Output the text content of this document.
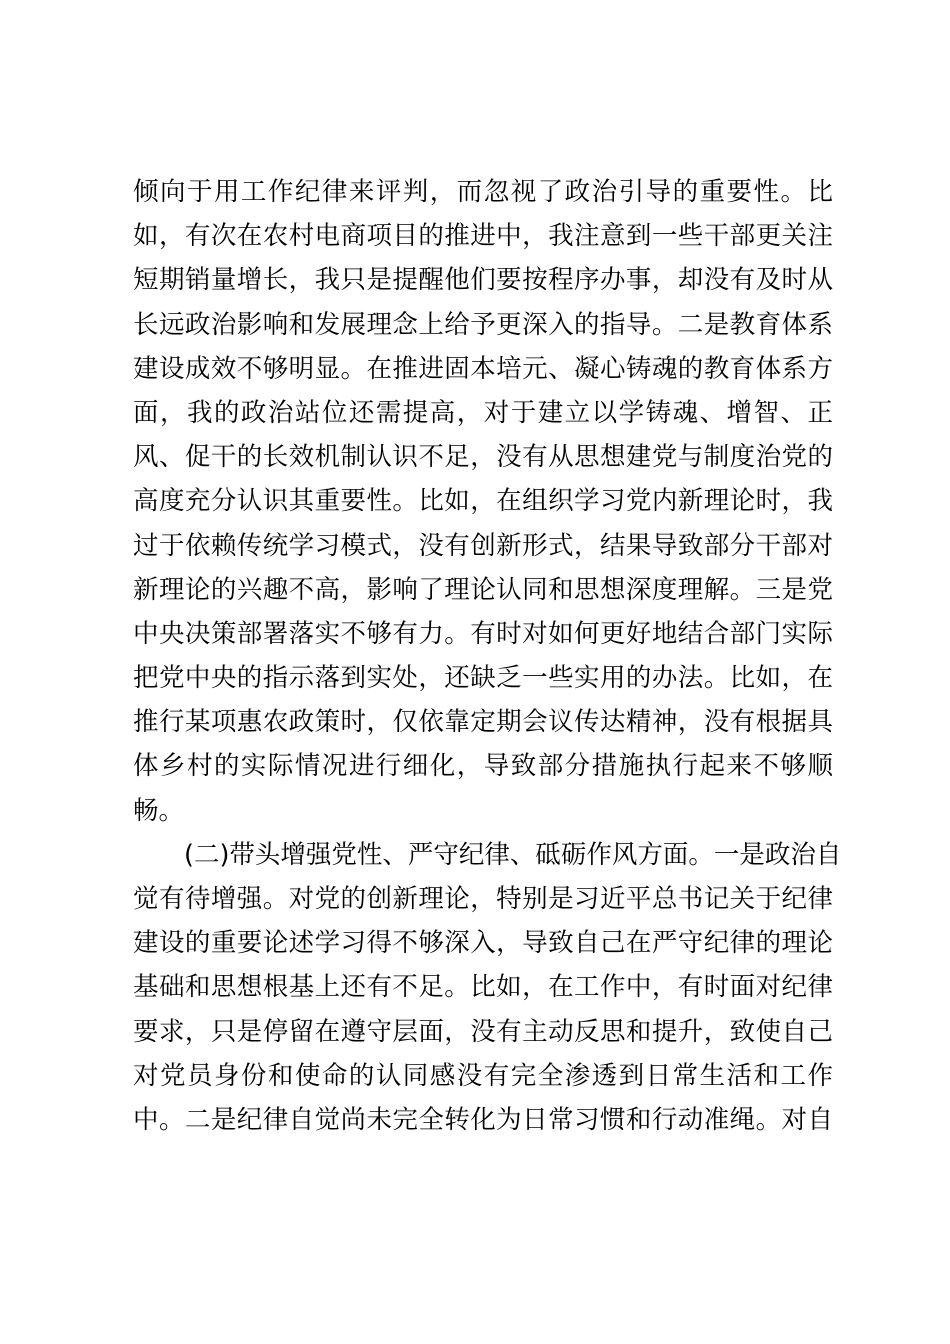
倾向于用工作纪律来评判，而忽视了政治引导的重要性。比
如，有次在农村电商项目的推进中，我注意到一些干部更关注
短期销量增长，我只是提醒他们要按程序办事，却没有及时从
长远政治影响和发展理念上给予更深入的指导。二是教育体系
建设成效不够明显。在推进固本培元、凝心铸魂的教育体系方
面，我的政治站位还需提高，对于建立以学铸魂、增智、正
风、促干的长效机制认识不足，没有从思想建党与制度治党的
高度充分认识其重要性。比如，在组织学习党内新理论时，我
过于依赖传统学习模式，没有创新形式，结果导致部分干部对
新理论的兴趣不高，影响了理论认同和思想深度理解。三是党
中央决策部署落实不够有力。有时对如何更好地结合部门实际
把党中央的指示落到实处，还缺乏一些实用的办法。比如，在
推行某项惠农政策时，仅依靠定期会议传达精神，没有根据具
体乡村的实际情况进行细化，导致部分措施执行起来不够顺
畅。
(二)带头增强党性、严守纪律、砥砺作风方面。一是政治自
觉有待增强。对党的创新理论，特别是习近平总书记关于纪律
建设的重要论述学习得不够深入，导致自己在严守纪律的理论
基础和思想根基上还有不足。比如，在工作中，有时面对纪律
要求，只是停留在遵守层面，没有主动反思和提升，致使自己
对党员身份和使命的认同感没有完全渗透到日常生活和工作
中。二是纪律自觉尚未完全转化为日常习惯和行动准绳。对自
